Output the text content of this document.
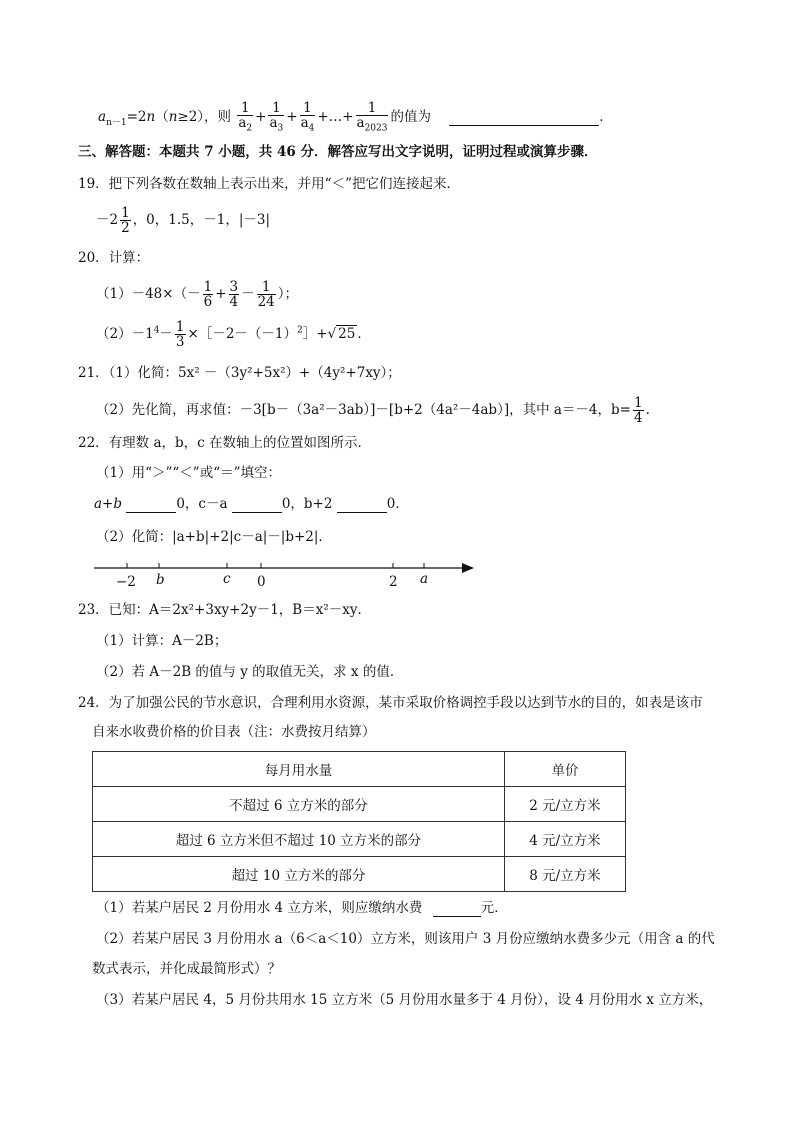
$a_{n-1}=2n(n\ge 2)$，则 $\frac{1}{a_2} + \frac{1}{a_3} + \frac{1}{a_4}$ +…+ $\frac{1}{a_{2023}}$ 的值为	．
三、解答题：本题共 7 小题，共 46 分．解答应写出文字说明，证明过程或演算步骤．
19．把下列各数在数轴上表示出来，并用“＜”把它们连接起来．
$-2 \frac{1}{2}$ ，0，1.5，－1，|－3|
20．计算：
$(1)-48\times(- \frac{1}{6} + \frac{3}{4} - \frac{1}{24}$ ）；
$(2)-1^4- \frac{1}{3}$ $\times[-2-(-1)^2]+√$ 25 ．
21．（1）化简：5x² －（3y²+5x²）+（4y²+7xy）；
（2）先化简，再求值：－3[b－（3a²－3ab）]－[b+2（4a²－4ab）]，其中 a＝－4，$b= \frac{1}{4}$ .
22．有理数 a，b，c 在数轴上的位置如图所示．
（1）用“＞”“＜”或“＝”填空：
a+b	0，c－a	0，b+2	0．
（2）化简：|a+b|+2|c－a|－|b+2|．
−2 b	c 0	2 a
23．已知：A＝2x²+3xy+2y－1，B＝x²－xy．
（1）计算：A－2B；
（2）若 A－2B 的值与 y 的取值无关，求 x 的值．
24．为了加强公民的节水意识，合理利用水资源，某市采取价格调控手段以达到节水的目的，如表是该市
自来水收费价格的价目表（注：水费按月结算）
每月用水量	单价
不超过 6 立方米的部分	2 元/立方米
超过 6 立方米但不超过 10 立方米的部分	4 元/立方米
超过 10 立方米的部分	8 元/立方米
（1）若某户居民 2 月份用水 4 立方米，则应缴纳水费	元．
（2）若某户居民 3 月份用水 a（6＜a＜10）立方米，则该用户 3 月份应缴纳水费多少元（用含 a 的代
数式表示，并化成最简形式）？
（3）若某户居民 4，5 月份共用水 15 立方米（5 月份用水量多于 4 月份），设 4 月份用水 x 立方米，
